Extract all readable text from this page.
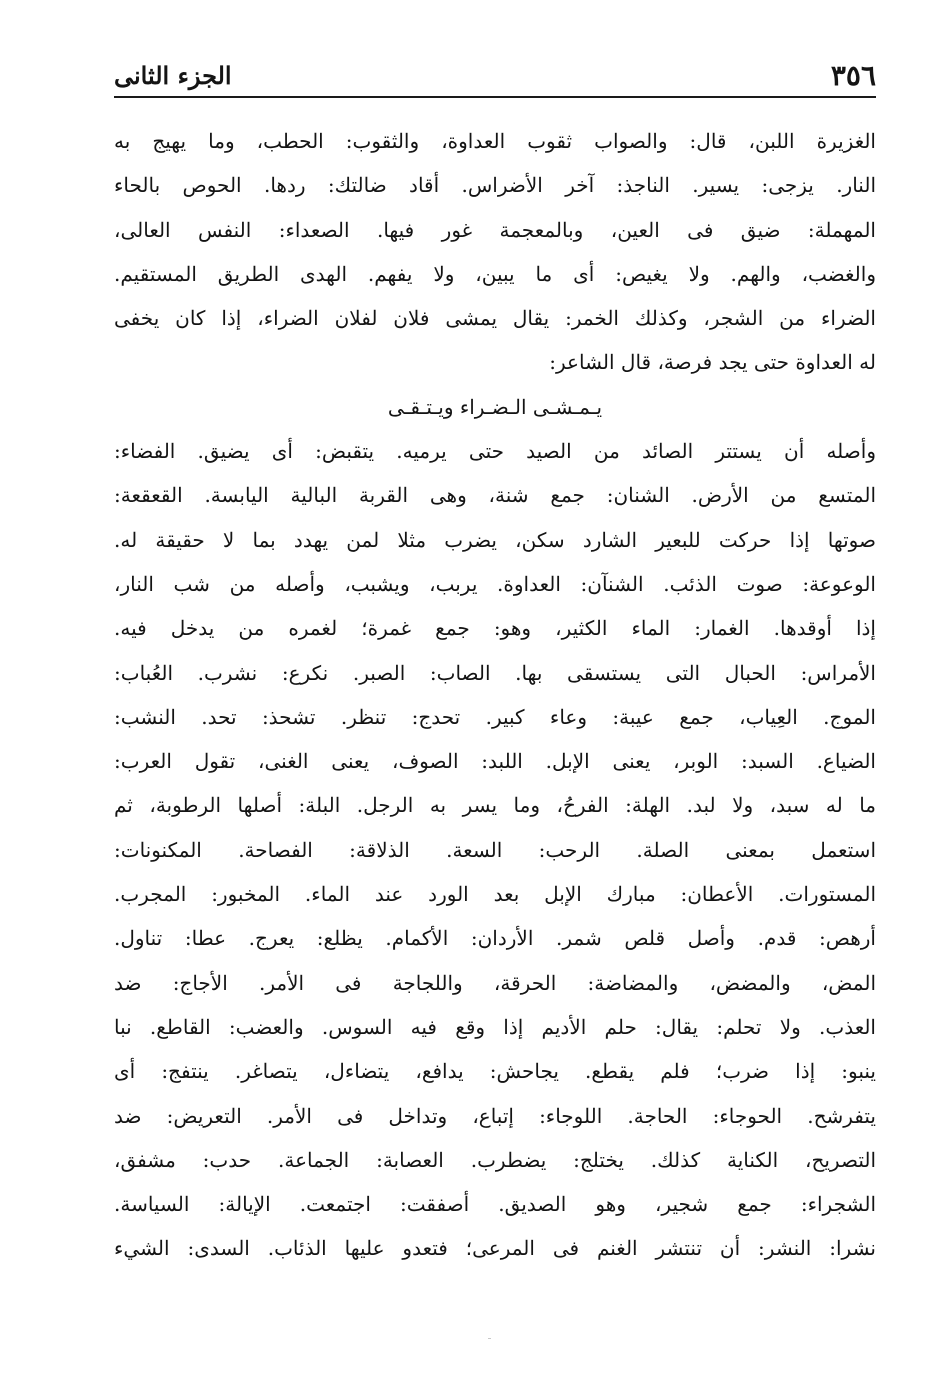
٣٥٦
الجزء الثانى
الغزيرة اللبن، قال: والصواب ثقوب العداوة، والثقوب: الحطب، وما يهيج به
النار. يزجى: يسير. الناجذ: آخر الأضراس. أقاد ضالتك: ردها. الحوص بالحاء
المهملة: ضيق فى العين، وبالمعجمة غور فيها. الصعداء: النفس العالى،
والغضب، والهم. ولا يغيص: أى ما يبين، ولا يفهم. الهدى الطريق المستقيم.
الضراء من الشجر، وكذلك الخمر: يقال يمشى فلان لفلان الضراء، إذا كان يخفى
له العداوة حتى يجد فرصة، قال الشاعر:
يـمـشـى الـضـراء ويـتـقـى
وأصله أن يستتر الصائد من الصيد حتى يرميه. يتقبض: أى يضيق. الفضاء:
المتسع من الأرض. الشنان: جمع شنة، وهى القربة البالية اليابسة. القعقعة:
صوتها إذا حركت للبعير الشارد سكن، يضرب مثلا لمن يهدد بما لا حقيقة له.
الوعوعة: صوت الذئب. الشنآن: العداوة. يربب، ويشبب، وأصله من شب النار،
إذا أوقدها. الغمار: الماء الكثير، وهو: جمع غمرة؛ لغمره من يدخل فيه.
الأمراس: الحبال التى يستسقى بها. الصاب: الصبر. نكرع: نشرب. العُباب:
الموج. العِياب، جمع عيبة: وعاء كبير. تحدج: تنظر. تشحذ: تحد. النشب:
الضياع. السبد: الوبر، يعنى الإبل. اللبد: الصوف، يعنى الغنى، تقول العرب:
ما له سبد، ولا لبد. الهلة: الفرحُ، وما يسر به الرجل. البلة: أصلها الرطوبة، ثم
استعمل بمعنى الصلة. الرحب: السعة. الذلاقة: الفصاحة. المكنونات:
المستورات. الأعطان: مبارك الإبل بعد الورد عند الماء. المخبور: المجرب.
أرهص: قدم. وأصل قلص شمر. الأردان: الأكمام. يظلع: يعرج. عطا: تناول.
المض، والمضض، والمضاضة: الحرقة، واللجاجة فى الأمر. الأجاج: ضد
العذب. ولا تحلم: يقال: حلم الأديم إذا وقع فيه السوس. والعضب: القاطع. نبا
ينبو: إذا ضرب؛ فلم يقطع. يجاحش: يدافع، يتضاءل، يتصاغر. ينتفج: أى
يتفرشح. الحوجاء: الحاجة. اللوجاء: إتباع، وتداخل فى الأمر. التعريض: ضد
التصريح، الكناية كذلك. يختلج: يضطرب. العصابة: الجماعة. حدب: مشفق،
الشجراء: جمع شجير، وهو الصديق. أصفقت: اجتمعت. الإيالة: السياسة.
نشرا: النشر: أن تنتشر الغنم فى المرعى؛ فتعدو عليها الذئاب. السدى: الشيء
